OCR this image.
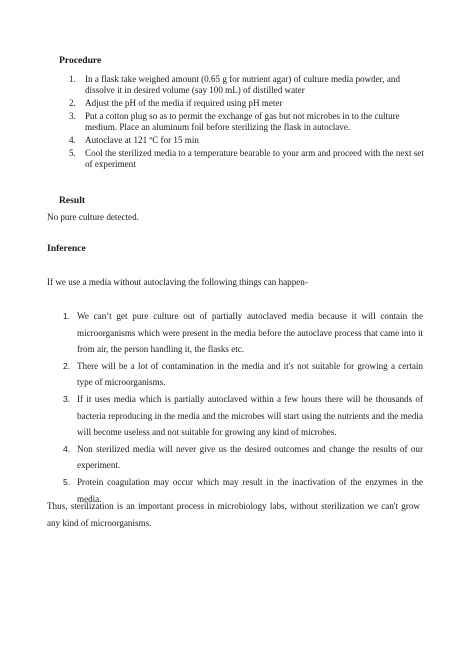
Procedure
1. In a flask take weighed amount (0.65 g for nutrient agar) of culture media powder, and dissolve it in desired volume (say 100 mL) of distilled water
2. Adjust the pH of the media if required using pH meter
3. Put a cotton plug so as to permit the exchange of gas but not microbes in to the culture medium. Place an aluminum foil before sterilizing the flask in autoclave.
4. Autoclave at 121 ºC for 15 min
5. Cool the sterilized media to a temperature bearable to your arm and proceed with the next set of experiment
Result

No pure culture detected.

Inference

If we use a media without autoclaving the following things can happen-

1. We can’t get pure culture out of partially autoclaved media because it will contain the microorganisms which were present in the media before the autoclave process that came into it from air, the person handling it, the flasks etc.
2. There will be a lot of contamination in the media and it's not suitable for growing a certain type of microorganisms.
3. If it uses media which is partially autoclaved within a few hours there will be thousands of bacteria reproducing in the media and the microbes will start using the nutrients and the media will become useless and not suitable for growing any kind of microbes.
4. Non sterilized media will never give us the desired outcomes and change the results of our experiment.
5. Protein coagulation may occur which may result in the inactivation of the enzymes in the media.

Thus, sterilization is an important process in microbiology labs, without sterilization we can't grow any kind of microorganisms.
